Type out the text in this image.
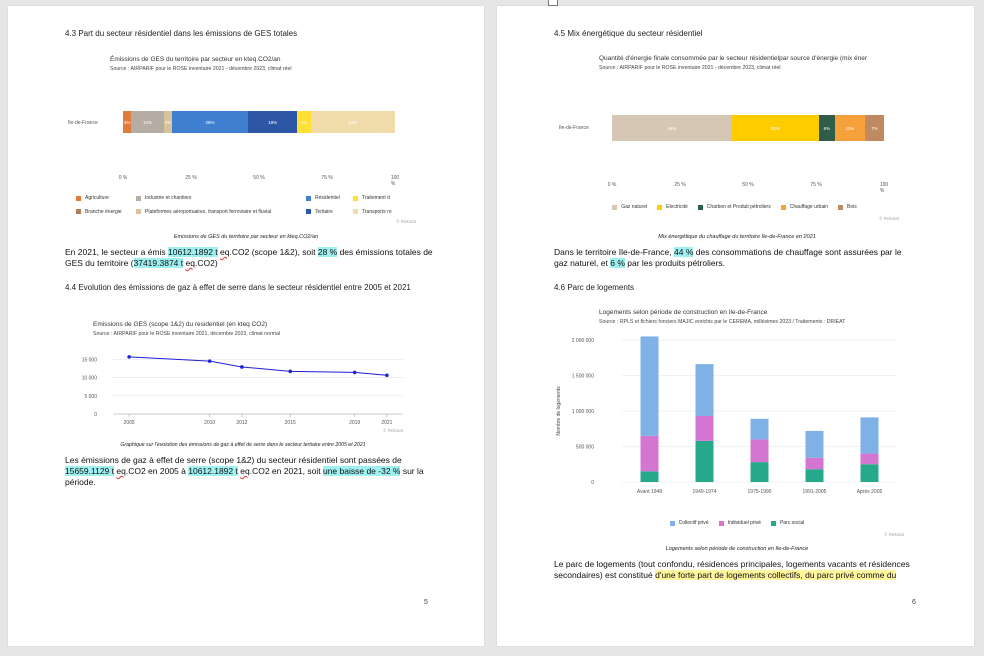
4.3 Part du secteur résidentiel dans les émissions de GES totales
Émissions de GES du territoire par secteur en kteq.CO2/an
Source : AIRPARIF pour le ROSE inventaire 2021 - décembre 2023, climat réel
Ile-de-France	3%	12%	3%	28%	18%	5%	31%
0 %	25 %	50 %	75 %	100 %
Agriculture	Industrie et chantiers	Résidentiel	Traitement d
Branche énergie	Plateformes aéroportuaires, transport ferroviaire et fluvial	Tertiaire	Transports ro
© Rekstat
Emissions de GES du territoire par secteur en kteq.CO2/an
En 2021, le secteur a émis 10612.1892 t eq.CO2 (scope 1&2), soit 28 % des émissions totales de GES du territoire (37419.3874 t eq.CO2)
4.4 Evolution des émissions de gaz à effet de serre dans le secteur résidentiel entre 2005 et 2021
Emissions de GES (scope 1&2) du residentiel (en kteq CO2)
Source : AIRPARIF pour le ROSE inventaire 2021, décembre 2023, climat normal
0
5 000
10 000
15 000
2005	2010	2012	2015	2019	2021
© Rekstat
Graphique sur l'évolution des émissions de gaz à effet de serre dans le secteur tertiaire entre 2005 et 2021
Les émissions de gaz à effet de serre (scope 1&2) du secteur résidentiel sont passées de 15659.1129 t eq.CO2 en 2005 à 10612.1892 t eq.CO2 en 2021, soit une baisse de -32 % sur la période.
5
4.5 Mix énergétique du secteur résidentiel
Quantité d'énergie finale consommée par le secteur résidentielpar source d'énergie (mix éner
Source : AIRPARIF pour le ROSE inventaire 2021 - décembre 2023, climat réel
Ile-de-France	44%	32%	6%	11%	7%
0 %	25 %	50 %	75 %	100 %
Gaz naturel	Electricité	Charbon et Produit pétroliers	Chauffage urbain	Bois
© Rekstat
Mix énergétique du chauffage du territoire Ile-de-France en 2021
Dans le territoire Ile-de-France, 44 % des consommations de chauffage sont assurées par le gaz naturel, et 6 % par les produits pétroliers.
4.6 Parc de logements
Logements selon période de construction en Ile-de-France
Source : RPLS et fichiers fonciers MAJIC enrichis par le CEREMA, millésimes 2023 / Traitements : DRIEAT
0
500 000
1 000 000
1 500 000
2 000 000
Nombre de logements
Avant 1948	1949-1974	1975-1990	1991-2005	Après 2005
Collectif privé	Individuel privé	Parc social
© Rekstat
Logements selon période de construction en Ile-de-France
Le parc de logements (tout confondu, résidences principales, logements vacants et résidences secondaires) est constitué d'une forte part de logements collectifs, du parc privé comme du
6
